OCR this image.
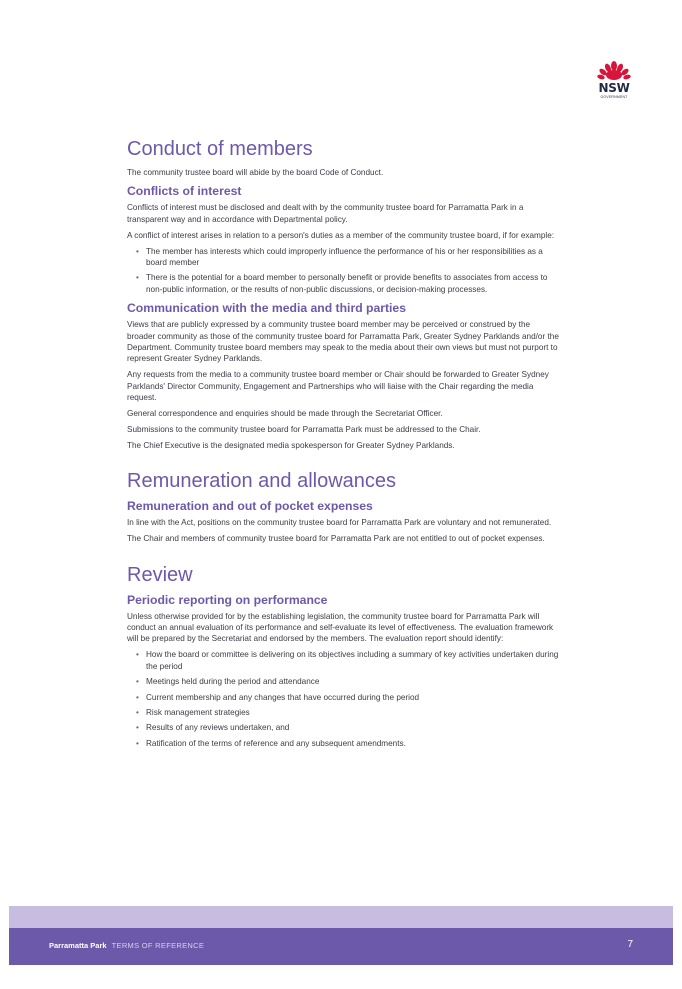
NSW
GOVERNMENT
Conduct of members

The community trustee board will abide by the board Code of Conduct.

Conflicts of interest

Conflicts of interest must be disclosed and dealt with by the community trustee board for Parramatta Park in a transparent way and in accordance with Departmental policy.

A conflict of interest arises in relation to a person's duties as a member of the community trustee board, if for example:

• The member has interests which could improperly influence the performance of his or her responsibilities as a board member
• There is the potential for a board member to personally benefit or provide benefits to associates from access to non-public information, or the results of non-public discussions, or decision-making processes.
Communication with the media and third parties

Views that are publicly expressed by a community trustee board member may be perceived or construed by the broader community as those of the community trustee board for Parramatta Park, Greater Sydney Parklands and/or the Department. Community trustee board members may speak to the media about their own views but must not purport to represent Greater Sydney Parklands.

Any requests from the media to a community trustee board member or Chair should be forwarded to Greater Sydney Parklands' Director Community, Engagement and Partnerships who will liaise with the Chair regarding the media request.

General correspondence and enquiries should be made through the Secretariat Officer.

Submissions to the community trustee board for Parramatta Park must be addressed to the Chair.

The Chief Executive is the designated media spokesperson for Greater Sydney Parklands.

Remuneration and allowances
Remuneration and out of pocket expenses

In line with the Act, positions on the community trustee board for Parramatta Park are voluntary and not remunerated.

The Chair and members of community trustee board for Parramatta Park are not entitled to out of pocket expenses.

Review
Periodic reporting on performance

Unless otherwise provided for by the establishing legislation, the community trustee board for Parramatta Park will conduct an annual evaluation of its performance and self-evaluate its level of effectiveness. The evaluation framework will be prepared by the Secretariat and endorsed by the members. The evaluation report should identify:

• How the board or committee is delivering on its objectives including a summary of key activities undertaken during the period
• Meetings held during the period and attendance
• Current membership and any changes that have occurred during the period
• Risk management strategies
• Results of any reviews undertaken, and
• Ratification of the terms of reference and any subsequent amendments.
Parramatta Park TERMS OF REFERENCE	7
